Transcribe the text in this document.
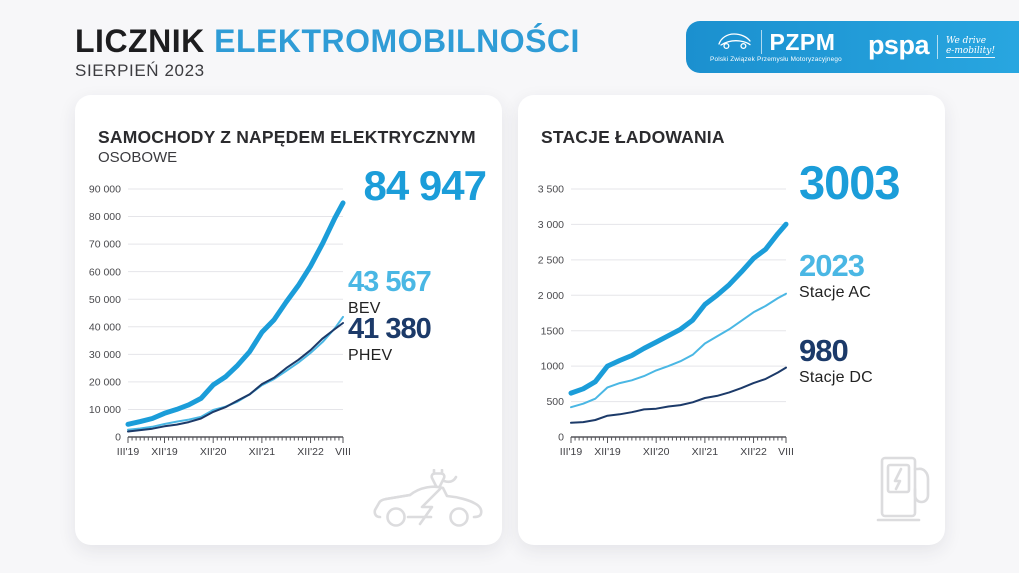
LICZNIK ELEKTROMOBILNOŚCI
SIERPIEŃ 2023
PZPM
Polski Związek Przemysłu Motoryzacyjnego
pspa We drive
e-mobility!
SAMOCHODY Z NAPĘDEM ELEKTRYCZNYM
OSOBOWE
0
10 000
20 000
30 000
40 000
50 000
60 000
70 000
80 000
90 000
III'19 XII'19 XII'20 XII'21 XII'22 VIII
84 947
43 567
BEV
41 380
PHEV
STACJE ŁADOWANIA
0
500
1000
1500
2 000
2 500
3 000
3 500
III'19 XII'19 XII'20 XII'21 XII'22 VIII
3003
2023
Stacje AC
980
Stacje DC
